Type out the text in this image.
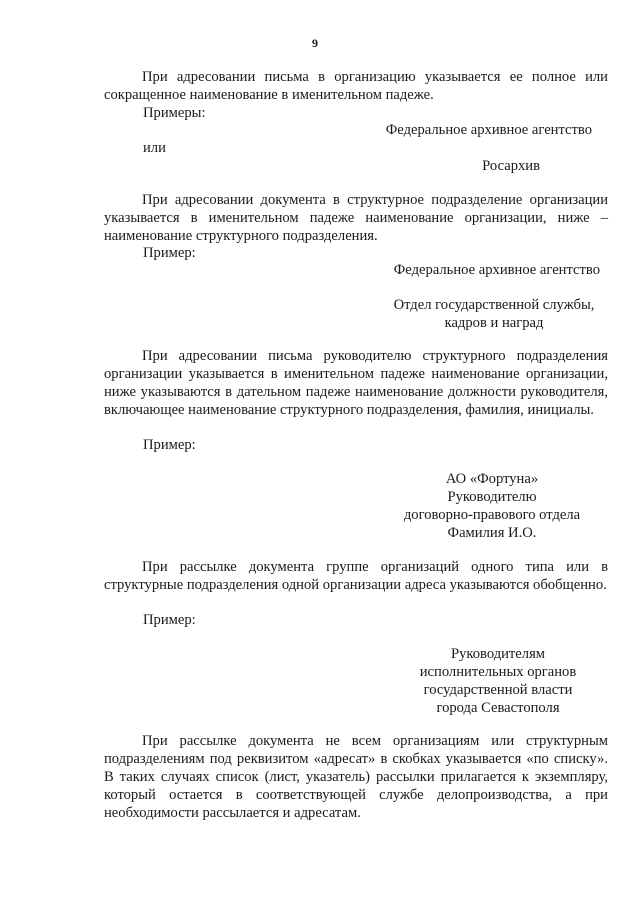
9
При адресовании письма в организацию указывается ее полное или сокращенное наименование в именительном падеже.
Примеры:
Федеральное архивное агентство
или
Росархив
При адресовании документа в структурное подразделение организации указывается в именительном падеже наименование организации, ниже – наименование структурного подразделения.
Пример:
Федеральное архивное агентство
Отдел государственной службы,
кадров и наград
При адресовании письма руководителю структурного подразделения организации указывается в именительном падеже наименование организации, ниже указываются в дательном падеже наименование должности руководителя, включающее наименование структурного подразделения, фамилия, инициалы.
Пример:
АО «Фортуна»
Руководителю
договорно-правового отдела
Фамилия И.О.
При рассылке документа группе организаций одного типа или в структурные подразделения одной организации адреса указываются обобщенно.
Пример:
Руководителям
исполнительных органов
государственной власти
города Севастополя
При рассылке документа не всем организациям или структурным подразделениям под реквизитом «адресат» в скобках указывается «по списку». В таких случаях список (лист, указатель) рассылки прилагается к экземпляру, который остается в соответствующей службе делопроизводства, а при необходимости рассылается и адресатам.
